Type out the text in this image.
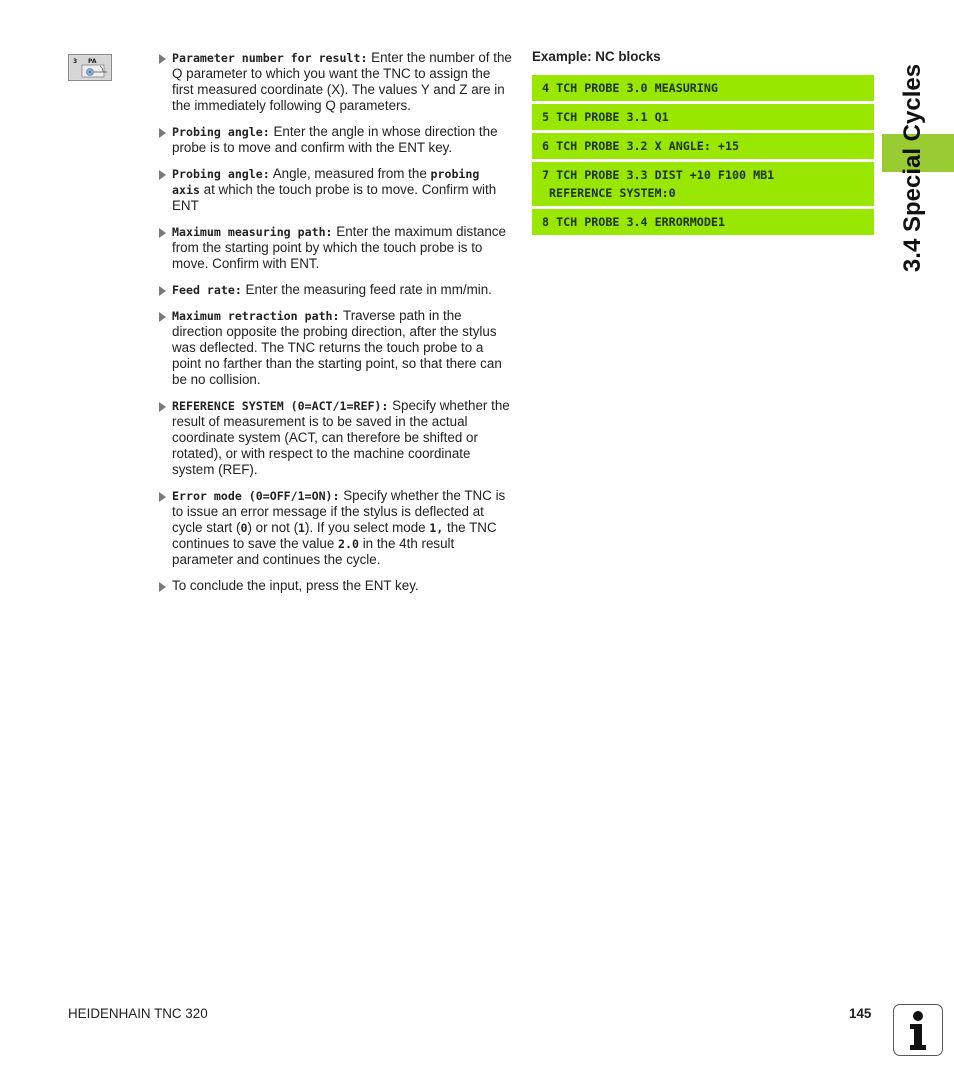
3 PA	Parameter number for result: Enter the number of the Q parameter to which you want the TNC to assign the first measured coordinate (X). The values Y and Z are in the immediately following Q parameters.
Probing angle: Enter the angle in whose direction the probe is to move and confirm with the ENT key.
Probing angle: Angle, measured from the probing axis at which the touch probe is to move. Confirm with ENT
Maximum measuring path: Enter the maximum distance from the starting point by which the touch probe is to move. Confirm with ENT.
Feed rate: Enter the measuring feed rate in mm/min.
Maximum retraction path: Traverse path in the direction opposite the probing direction, after the stylus was deflected. The TNC returns the touch probe to a point no farther than the starting point, so that there can be no collision.
REFERENCE SYSTEM (0=ACT/1=REF): Specify whether the result of measurement is to be saved in the actual coordinate system (ACT, can therefore be shifted or rotated), or with respect to the machine coordinate system (REF).
Error mode (0=OFF/1=ON): Specify whether the TNC is to issue an error message if the stylus is deflected at cycle start (0) or not (1). If you select mode 1, the TNC continues to save the value 2.0 in the 4th result parameter and continues the cycle.
To conclude the input, press the ENT key.
Example: NC blocks
4 TCH PROBE 3.0 MEASURING
5 TCH PROBE 3.1 Q1
6 TCH PROBE 3.2 X ANGLE: +15
7 TCH PROBE 3.3 DIST +10 F100 MB1
REFERENCE SYSTEM:0
8 TCH PROBE 3.4 ERRORMODE1	3.4 Special Cycles
HEIDENHAIN TNC 320	145
